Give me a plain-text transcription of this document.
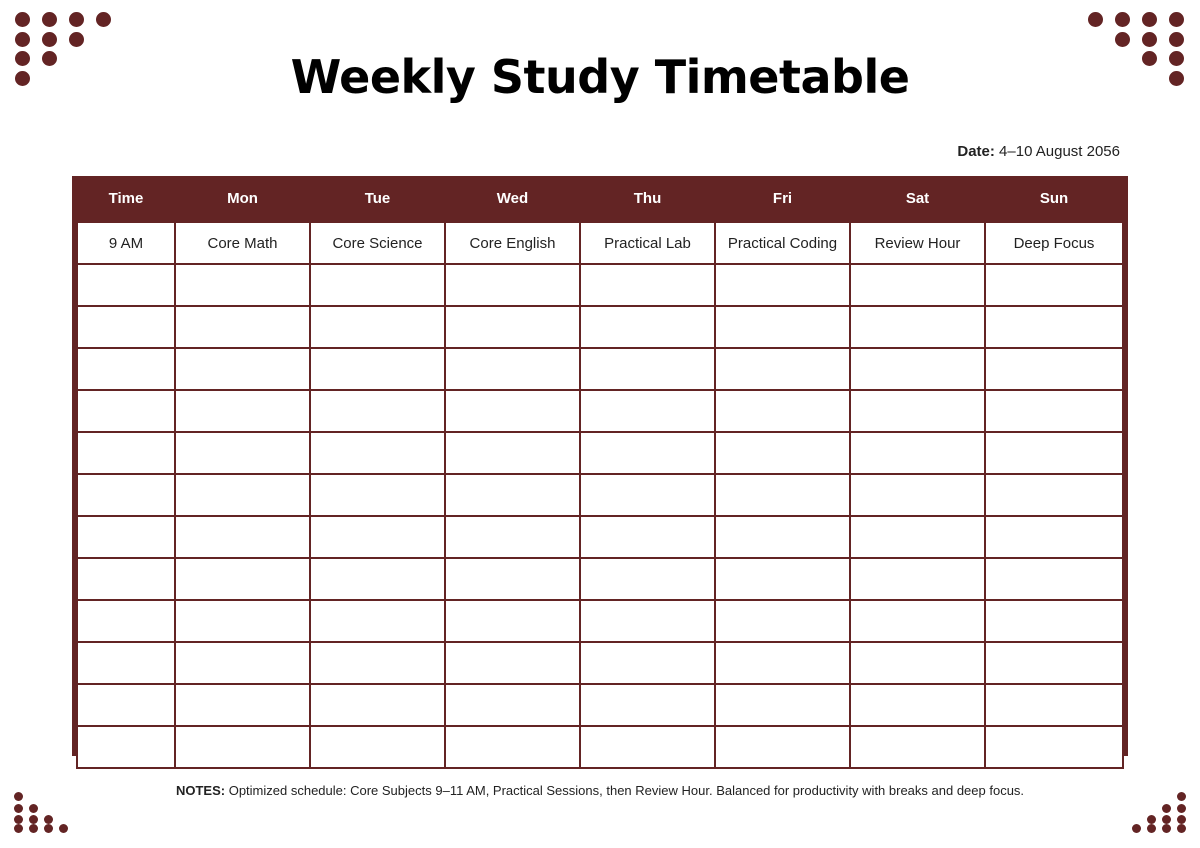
Weekly Study Timetable
Date: 4–10 August 2056
Time	Mon	Tue	Wed	Thu	Fri	Sat	Sun
9 AM	Core Math	Core Science	Core English	Practical Lab	Practical Coding	Review Hour	Deep Focus

NOTES: Optimized schedule: Core Subjects 9–11 AM, Practical Sessions, then Review Hour. Balanced for productivity with breaks and deep focus.
